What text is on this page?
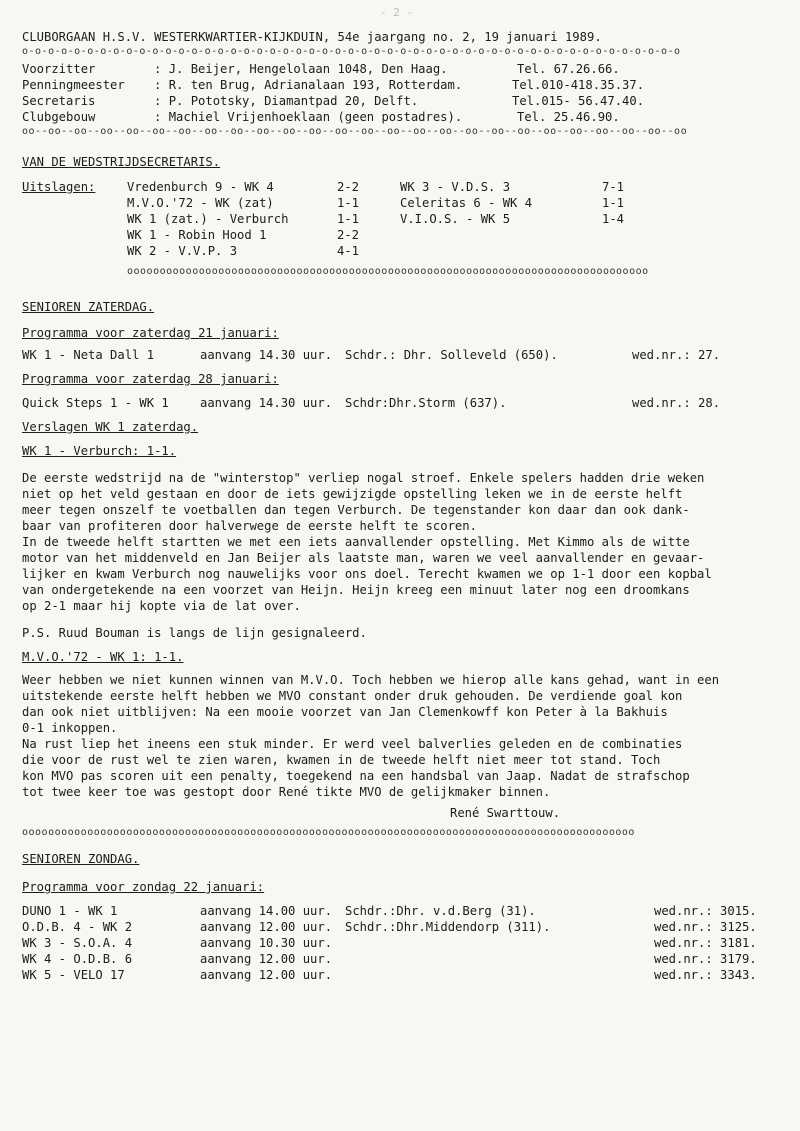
CLUBORGAAN H.S.V. WESTERKWARTIER-KIJKDUIN, 54e jaargang no. 2, 19 januari 1989.
o-o-o-o-o-o-o-o-o-o-o-o-o-o-o-o-o-o-o-o-o-o-o-o-o-o-o-o-o-o-o-o-o-o-o-o-o-o-o-o-o-o-o-o-o-o-o-o-o-o-o
Voorzitter	: J. Beijer, Hengelolaan 1048, Den Haag.	Tel. 67.26.66.
Penningmeester : R. ten Brug, Adrianalaan 193, Rotterdam.	Tel.010-418.35.37.
Secretaris	: P. Pototsky, Diamantpad 20, Delft.	Tel.015- 56.47.40.
Clubgebouw	: Machiel Vrijenhoeklaan (geen postadres).	Tel. 25.46.90.
oo--oo--oo--oo--oo--oo--oo--oo--oo--oo--oo--oo--oo--oo--oo--oo--oo--oo--oo--oo--oo--oo--oo--oo--oo--oo
VAN DE WEDSTRIJDSECRETARIS.
Uitslagen:	Vredenburch 9 - WK 4	2-2	WK 3 - V.D.S. 3	7-1
M.V.O.'72 - WK (zat)	1-1	Celeritas 6 - WK 4	1-1
WK 1 (zat.) - Verburch	1-1	V.I.O.S. - WK 5	1-4
WK 1 - Robin Hood 1	2-2
WK 2 - V.V.P. 3	4-1
oooooooooooooooooooooooooooooooooooooooooooooooooooooooooooooooooooooooooooooooo
SENIOREN ZATERDAG.
Programma voor zaterdag 21 januari:
WK 1 - Neta Dall 1	aanvang 14.30 uur. Schdr.: Dhr. Solleveld (650).	wed.nr.: 27.
Programma voor zaterdag 28 januari:
Quick Steps 1 - WK 1	aanvang 14.30 uur. Schdr:Dhr.Storm (637).	wed.nr.: 28.
Verslagen WK 1 zaterdag.
WK 1 - Verburch: 1-1.
De eerste wedstrijd na de "winterstop" verliep nogal stroef. Enkele spelers hadden drie weken
niet op het veld gestaan en door de iets gewijzigde opstelling leken we in de eerste helft
meer tegen onszelf te voetballen dan tegen Verburch. De tegenstander kon daar dan ook dank-
baar van profiteren door halverwege de eerste helft te scoren.
In de tweede helft startten we met een iets aanvallender opstelling. Met Kimmo als de witte
motor van het middenveld en Jan Beijer als laatste man, waren we veel aanvallender en gevaar-
lijker en kwam Verburch nog nauwelijks voor ons doel. Terecht kwamen we op 1-1 door een kopbal
van ondergetekende na een voorzet van Heijn. Heijn kreeg een minuut later nog een droomkans
op 2-1 maar hij kopte via de lat over.
P.S. Ruud Bouman is langs de lijn gesignaleerd.
M.V.O.'72 - WK 1: 1-1.
Weer hebben we niet kunnen winnen van M.V.O. Toch hebben we hierop alle kans gehad, want in een
uitstekende eerste helft hebben we MVO constant onder druk gehouden. De verdiende goal kon
dan ook niet uitblijven: Na een mooie voorzet van Jan Clemenkowff kon Peter à la Bakhuis
0-1 inkoppen.
Na rust liep het ineens een stuk minder. Er werd veel balverlies geleden en de combinaties
die voor de rust wel te zien waren, kwamen in de tweede helft niet meer tot stand. Toch
kon MVO pas scoren uit een penalty, toegekend na een handsbal van Jaap. Nadat de strafschop
tot twee keer toe was gestopt door René tikte MVO de gelijkmaker binnen.
René Swarttouw.
oooooooooooooooooooooooooooooooooooooooooooooooooooooooooooooooooooooooooooooooooooooooooooooo
SENIOREN ZONDAG.
Programma voor zondag 22 januari:
DUNO 1 - WK 1	aanvang 14.00 uur. Schdr.:Dhr. v.d.Berg (31).	wed.nr.: 3015.
O.D.B. 4 - WK 2	aanvang 12.00 uur. Schdr.:Dhr.Middendorp (311).	wed.nr.: 3125.
WK 3 - S.O.A. 4	aanvang 10.30 uur.	wed.nr.: 3181.
WK 4 - O.D.B. 6	aanvang 12.00 uur.	wed.nr.: 3179.
WK 5 - VELO 17	aanvang 12.00 uur.	wed.nr.: 3343.
- 2 -
